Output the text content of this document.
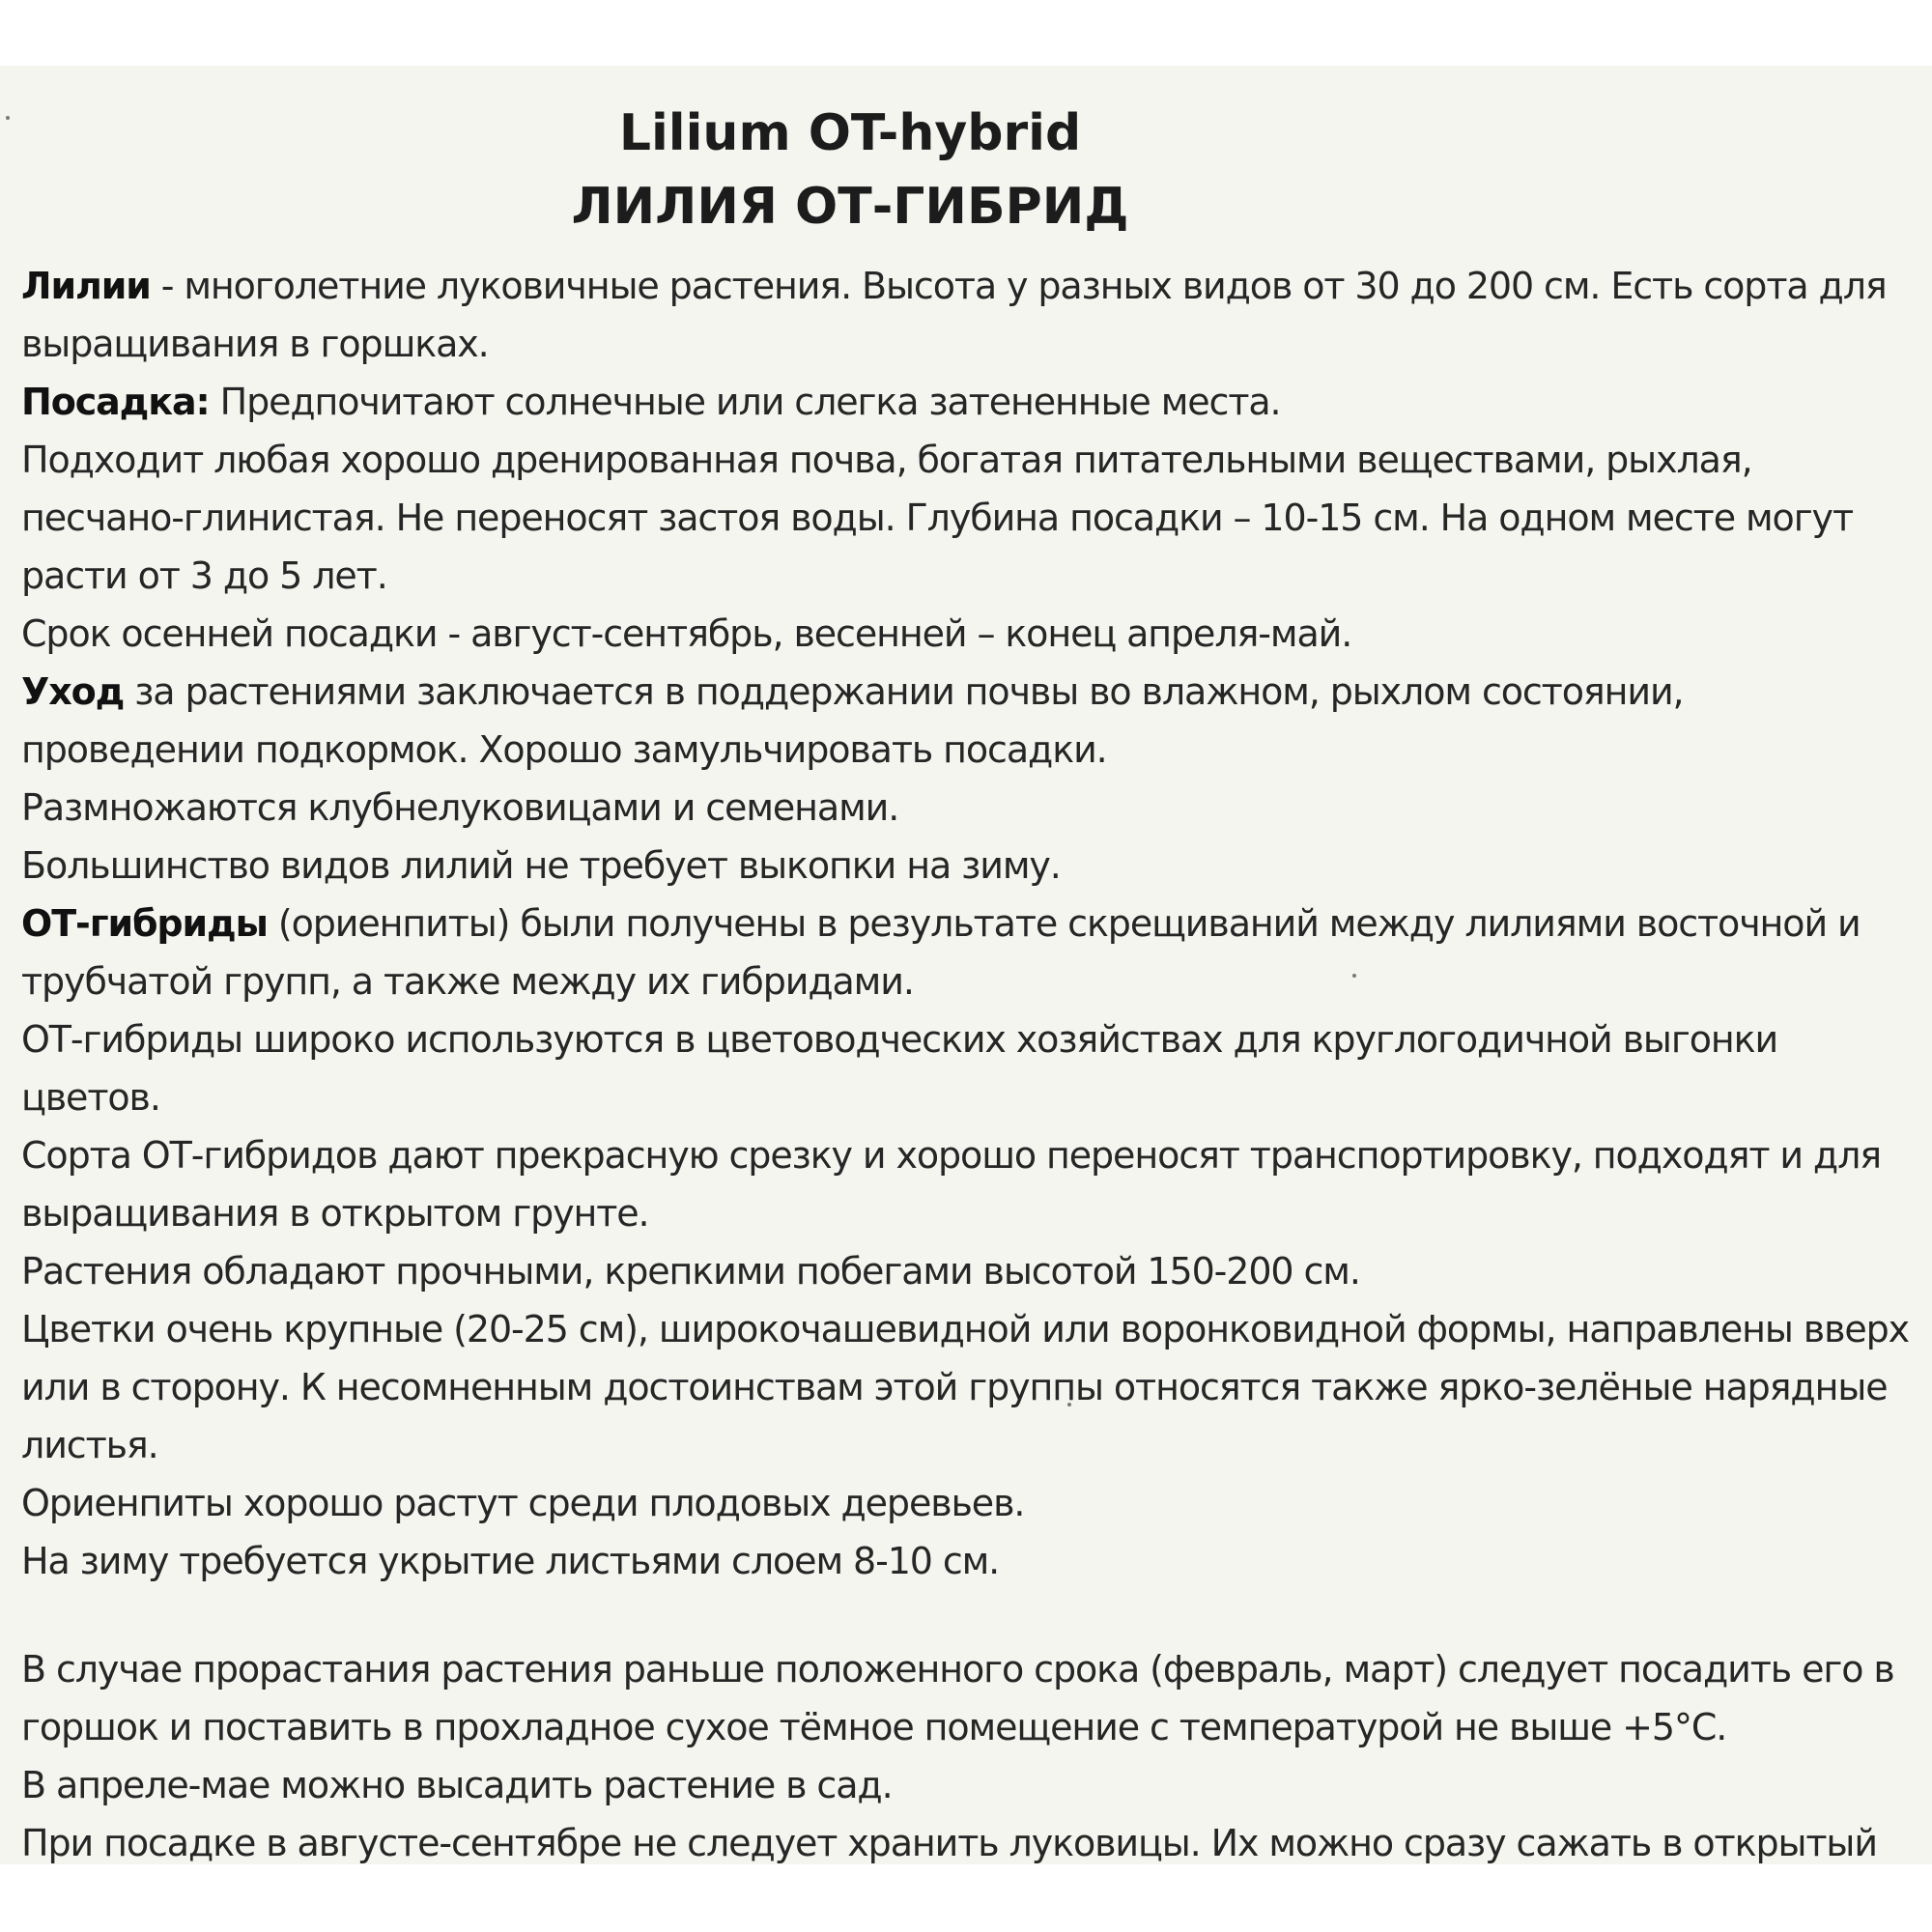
Lilium OT-hybrid
ЛИЛИЯ ОТ-ГИБРИД

Лилии - многолетние луковичные растения. Высота у разных видов от 30 до 200 см. Есть сорта для выращивания в горшках.

Посадка: Предпочитают солнечные или слегка затененные места.

Подходит любая хорошо дренированная почва, богатая питательными веществами, рыхлая, песчано-глинистая. Не переносят застоя воды. Глубина посадки – 10-15 см. На одном месте могут расти от 3 до 5 лет.

Срок осенней посадки - август-сентябрь, весенней – конец апреля-май.

Уход за растениями заключается в поддержании почвы во влажном, рыхлом состоянии, проведении подкормок. Хорошо замульчировать посадки.

Размножаются клубнелуковицами и семенами.

Большинство видов лилий не требует выкопки на зиму.

ОТ-гибриды (ориенпиты) были получены в результате скрещиваний между лилиями восточной и трубчатой групп, а также между их гибридами.

ОТ-гибриды широко используются в цветоводческих хозяйствах для круглогодичной выгонки цветов.

Сорта ОТ-гибридов дают прекрасную срезку и хорошо переносят транспортировку, подходят и для выращивания в открытом грунте.

Растения обладают прочными, крепкими побегами высотой 150-200 см.

Цветки очень крупные (20-25 см), широкочашевидной или воронковидной формы, направлены вверх или в сторону. К несомненным достоинствам этой группы относятся также ярко-зелёные нарядные листья.

Ориенпиты хорошо растут среди плодовых деревьев.

На зиму требуется укрытие листьями слоем 8-10 см.

В случае прорастания растения раньше положенного срока (февраль, март) следует посадить его в горшок и поставить в прохладное сухое тёмное помещение с температурой не выше +5°С.

В апреле-мае можно высадить растение в сад.

При посадке в августе-сентябре не следует хранить луковицы. Их можно сразу сажать в открытый
